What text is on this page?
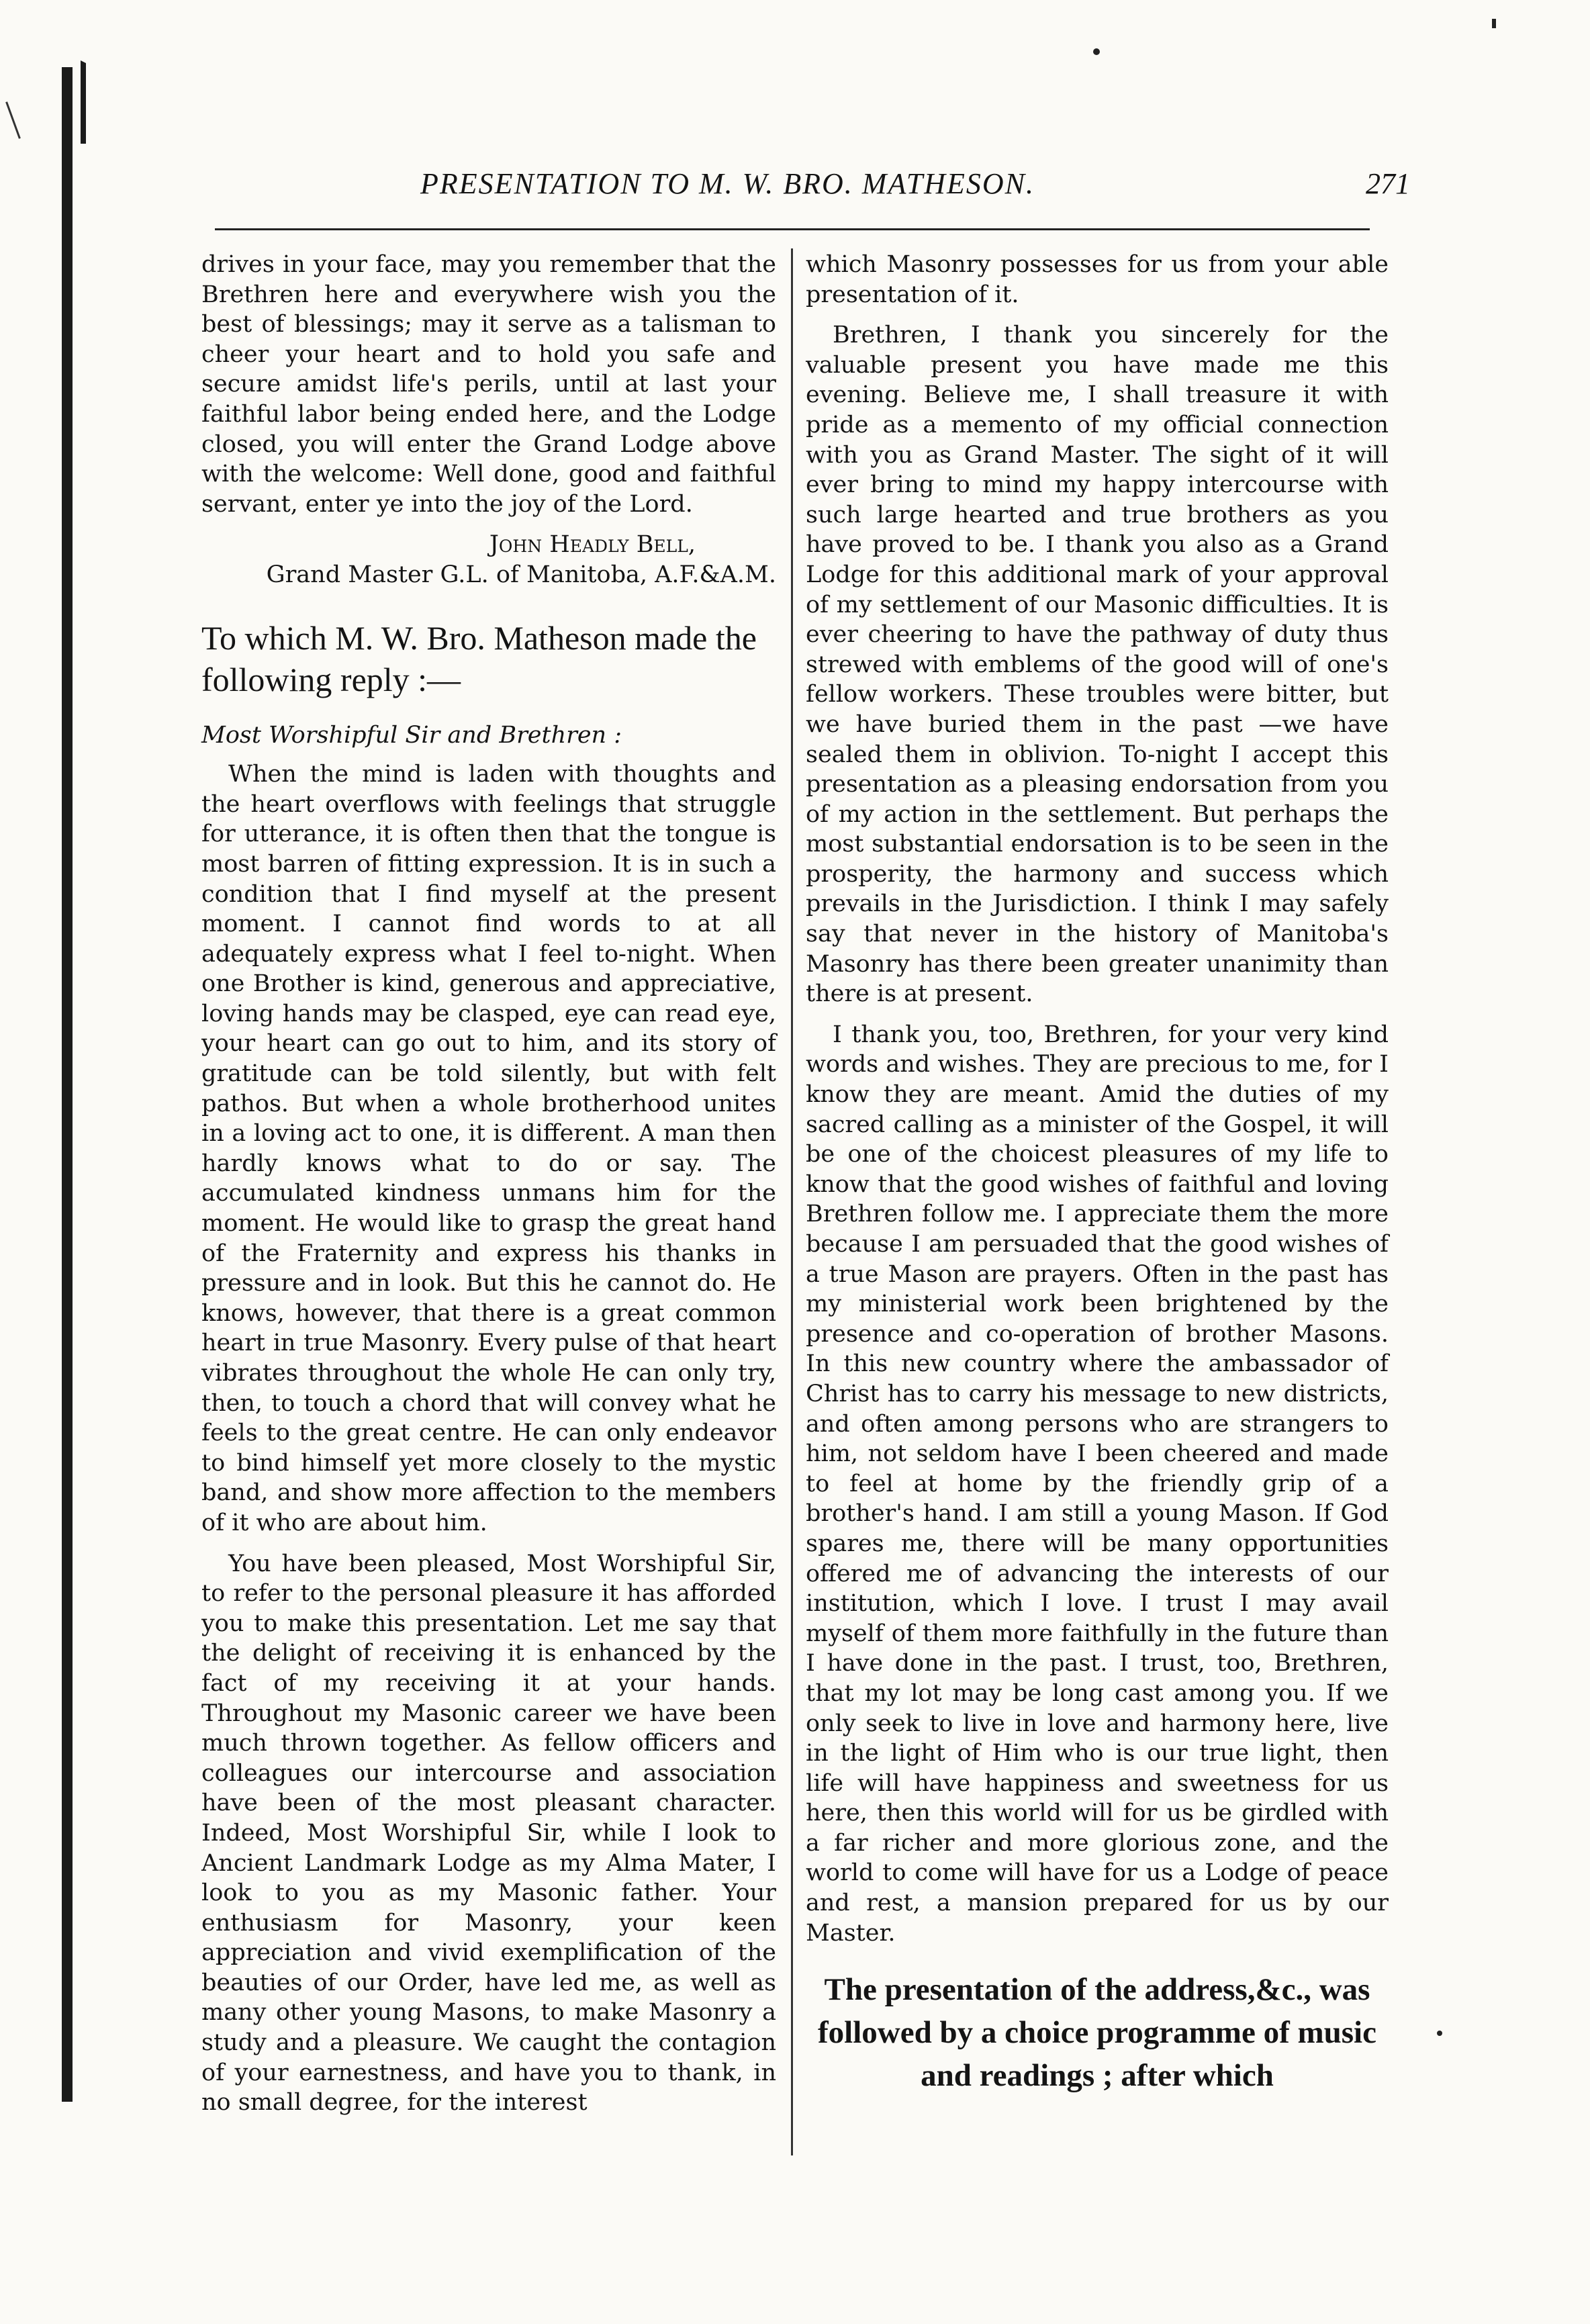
PRESENTATION TO M. W. BRO. MATHESON.	271

drives in your face, may you remember that the Brethren here and everywhere wish you the best of blessings; may it serve as a talisman to cheer your heart and to hold you safe and secure amidst life's perils, until at last your faithful labor being ended here, and the Lodge closed, you will enter the Grand Lodge above with the welcome: Well done, good and faithful servant, enter ye into the joy of the Lord.

John Headly Bell,
Grand Master G.L. of Manitoba, A.F.&A.M.
To which M. W. Bro. Matheson made the following reply :—

Most Worshipful Sir and Brethren :

When the mind is laden with thoughts and the heart overflows with feelings that struggle for utterance, it is often then that the tongue is most barren of fitting expression. It is in such a condition that I find myself at the present moment. I cannot find words to at all adequately express what I feel to-night. When one Brother is kind, generous and appreciative, loving hands may be clasped, eye can read eye, your heart can go out to him, and its story of gratitude can be told silently, but with felt pathos. But when a whole brotherhood unites in a loving act to one, it is different. A man then hardly knows what to do or say. The accumulated kindness unmans him for the moment. He would like to grasp the great hand of the Fraternity and express his thanks in pressure and in look. But this he cannot do. He knows, however, that there is a great common heart in true Masonry. Every pulse of that heart vibrates throughout the whole He can only try, then, to touch a chord that will convey what he feels to the great centre. He can only endeavor to bind himself yet more closely to the mystic band, and show more affection to the members of it who are about him.

You have been pleased, Most Worshipful Sir, to refer to the personal pleasure it has afforded you to make this presentation. Let me say that the delight of receiving it is enhanced by the fact of my receiving it at your hands. Throughout my Masonic career we have been much thrown together. As fellow officers and colleagues our intercourse and association have been of the most pleasant character. Indeed, Most Worshipful Sir, while I look to Ancient Landmark Lodge as my Alma Mater, I look to you as my Masonic father. Your enthusiasm for Masonry, your keen appreciation and vivid exemplification of the beauties of our Order, have led me, as well as many other young Masons, to make Masonry a study and a pleasure. We caught the contagion of your earnestness, and have you to thank, in no small degree, for the interest

which Masonry possesses for us from your able presentation of it.

Brethren, I thank you sincerely for the valuable present you have made me this evening. Believe me, I shall treasure it with pride as a memento of my official connection with you as Grand Master. The sight of it will ever bring to mind my happy intercourse with such large hearted and true brothers as you have proved to be. I thank you also as a Grand Lodge for this additional mark of your approval of my settlement of our Masonic difficulties. It is ever cheering to have the pathway of duty thus strewed with emblems of the good will of one's fellow workers. These troubles were bitter, but we have buried them in the past —we have sealed them in oblivion. To-night I accept this presentation as a pleasing endorsation from you of my action in the settlement. But perhaps the most substantial endorsation is to be seen in the prosperity, the harmony and success which prevails in the Jurisdiction. I think I may safely say that never in the history of Manitoba's Masonry has there been greater unanimity than there is at present.

I thank you, too, Brethren, for your very kind words and wishes. They are precious to me, for I know they are meant. Amid the duties of my sacred calling as a minister of the Gospel, it will be one of the choicest pleasures of my life to know that the good wishes of faithful and loving Brethren follow me. I appreciate them the more because I am persuaded that the good wishes of a true Mason are prayers. Often in the past has my ministerial work been brightened by the presence and co-operation of brother Masons. In this new country where the ambassador of Christ has to carry his message to new districts, and often among persons who are strangers to him, not seldom have I been cheered and made to feel at home by the friendly grip of a brother's hand. I am still a young Mason. If God spares me, there will be many opportunities offered me of advancing the interests of our institution, which I love. I trust I may avail myself of them more faithfully in the future than I have done in the past. I trust, too, Brethren, that my lot may be long cast among you. If we only seek to live in love and harmony here, live in the light of Him who is our true light, then life will have happiness and sweetness for us here, then this world will for us be girdled with a far richer and more glorious zone, and the world to come will have for us a Lodge of peace and rest, a mansion prepared for us by our Master.

The presentation of the address,&c., was followed by a choice programme of music and readings ; after which
